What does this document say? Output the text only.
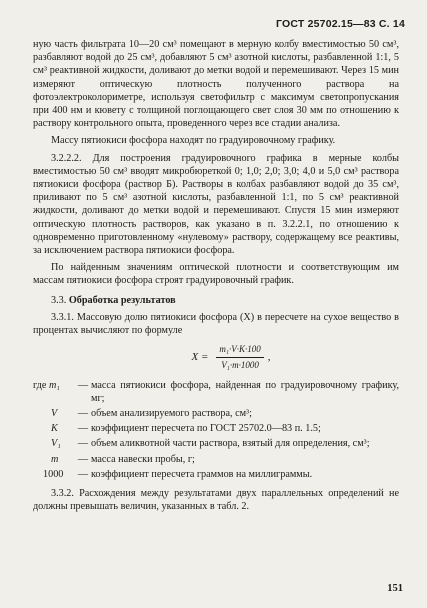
ГОСТ 25702.15—83 С. 14

ную часть фильтрата 10—20 см³ помещают в мерную колбу вместимостью 50 см³, разбавляют водой до 25 см³, добавляют 5 см³ азотной кислоты, разбавленной 1:1, 5 см³ реактивной жидкости, доливают до метки водой и перемешивают. Через 15 мин измеряют оптическую плотность полученного раствора на фотоэлектроколориметре, используя светофильтр с максимум светопропускания при 400 нм и кювету с толщиной поглощающего свет слоя 30 мм по отношению к раствору контрольного опыта, проведенного через все стадии анализа.

Массу пятиокиси фосфора находят по градуировочному графику.

3.2.2.2. Для построения градуировочного графика в мерные колбы вместимостью 50 см³ вводят микробюреткой 0; 1,0; 2,0; 3,0; 4,0 и 5,0 см³ раствора пятиокиси фосфора (раствор Б). Растворы в колбах разбавляют водой до 35 см³, приливают по 5 см³ азотной кислоты, разбавленной 1:1, по 5 см³ реактивной жидкости, доливают до метки водой и перемешивают. Спустя 15 мин измеряют оптическую плотность растворов, как указано в п. 3.2.2.1, по отношению к одновременно приготовленному «нулевому» раствору, содержащему все реактивы, за исключением раствора пятиокиси фосфора.

По найденным значениям оптической плотности и соответствующим им массам пятиокиси фосфора строят градуировочный график.

3.3. Обработка результатов

3.3.1. Массовую долю пятиокиси фосфора (X) в пересчете на сухое вещество в процентах вычисляют по формуле

$X = \frac{\text{m₁·V·K·100}}{\text{V₁·m·1000}}$ ,
где m₁	— масса пятиокиси фосфора, найденная по градуировочному графику, мг;
V	— объем анализируемого раствора, см³;
K	— коэффициент пересчета по ГОСТ 25702.0—83 п. 1.5;
V₁	— объем аликвотной части раствора, взятый для определения, см³;
m	— масса навески пробы, г;
1000	— коэффициент пересчета граммов на миллиграммы.

3.3.2. Расхождения между результатами двух параллельных определений не должны превышать величин, указанных в табл. 2.

151
